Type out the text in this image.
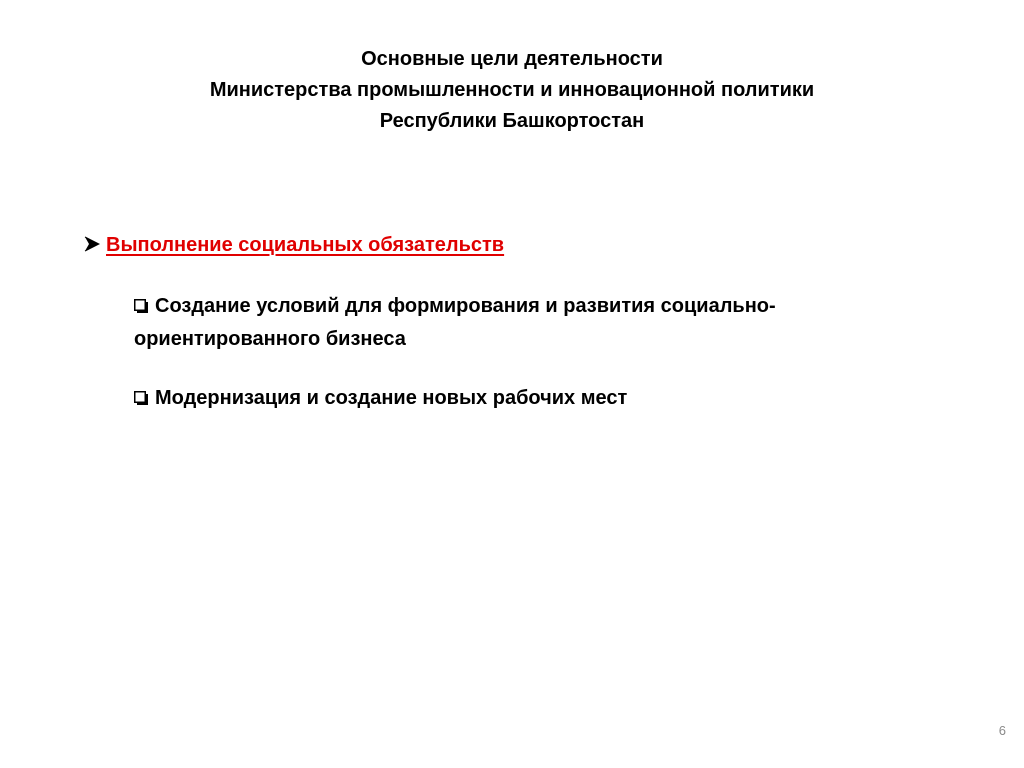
Основные цели деятельности
Министерства промышленности и инновационной политики
Республики Башкортостан
Выполнение социальных обязательств
Создание условий для формирования и развития социально-ориентированного бизнеса
Модернизация и создание новых рабочих мест
6
